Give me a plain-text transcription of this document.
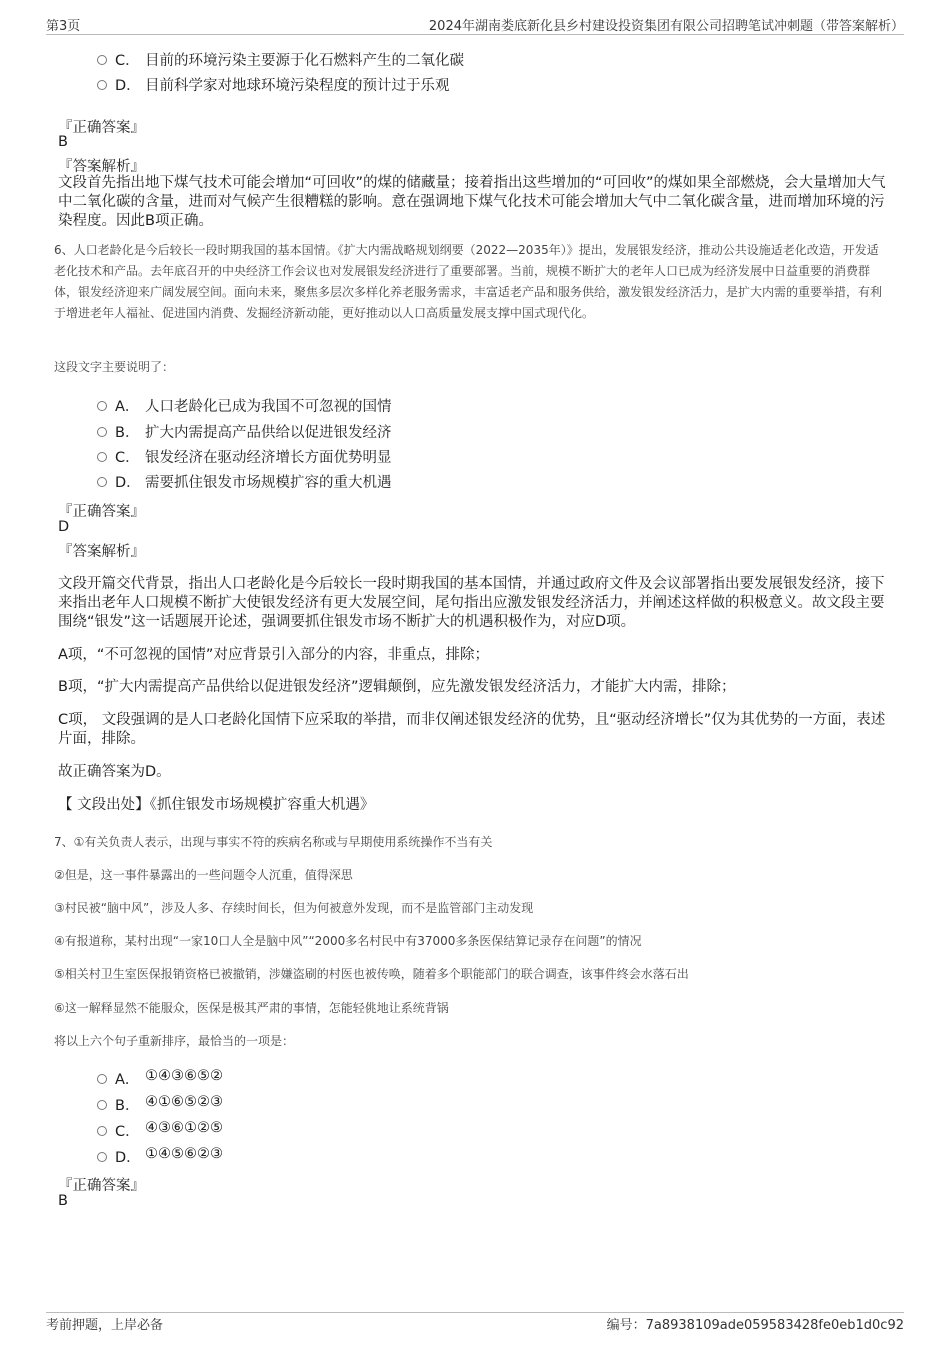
第3页	2024年湖南娄底新化县乡村建设投资集团有限公司招聘笔试冲刺题（带答案解析）
C． 目前的环境污染主要源于化石燃料产生的二氧化碳
D． 目前科学家对地球环境污染程度的预计过于乐观
『正确答案』
B
『答案解析』
文段首先指出地下煤气技术可能会增加“可回收”的煤的储藏量；接着指出这些增加的“可回收”的煤如果全部燃烧，会大量增加大气中二氧化碳的含量，进而对气候产生很糟糕的影响。意在强调地下煤气化技术可能会增加大气中二氧化碳含量，进而增加环境的污染程度。因此B项正确。
6、人口老龄化是今后较长一段时期我国的基本国情。《扩大内需战略规划纲要（2022—2035年）》提出，发展银发经济，推动公共设施适老化改造，开发适老化技术和产品。去年底召开的中央经济工作会议也对发展银发经济进行了重要部署。当前，规模不断扩大的老年人口已成为经济发展中日益重要的消费群体，银发经济迎来广阔发展空间。面向未来，聚焦多层次多样化养老服务需求，丰富适老产品和服务供给，激发银发经济活力，是扩大内需的重要举措，有利于增进老年人福祉、促进国内消费、发掘经济新动能，更好推动以人口高质量发展支撑中国式现代化。
这段文字主要说明了：
A． 人口老龄化已成为我国不可忽视的国情
B． 扩大内需提高产品供给以促进银发经济
C． 银发经济在驱动经济增长方面优势明显
D． 需要抓住银发市场规模扩容的重大机遇
『正确答案』
D
『答案解析』
文段开篇交代背景，指出人口老龄化是今后较长一段时期我国的基本国情，并通过政府文件及会议部署指出要发展银发经济，接下来指出老年人口规模不断扩大使银发经济有更大发展空间，尾句指出应激发银发经济活力，并阐述这样做的积极意义。故文段主要围绕“银发”这一话题展开论述，强调要抓住银发市场不断扩大的机遇积极作为，对应D项。
A项，“不可忽视的国情”对应背景引入部分的内容，非重点，排除；
B项，“扩大内需提高产品供给以促进银发经济”逻辑颠倒，应先激发银发经济活力，才能扩大内需，排除；
C项， 文段强调的是人口老龄化国情下应采取的举措，而非仅阐述银发经济的优势，且“驱动经济增长”仅为其优势的一方面，表述片面，排除。
故正确答案为D。
【 文段出处】《抓住银发市场规模扩容重大机遇》
7、①有关负责人表示，出现与事实不符的疾病名称或与早期使用系统操作不当有关
②但是，这一事件暴露出的一些问题令人沉重，值得深思
③村民被“脑中风”，涉及人多、存续时间长，但为何被意外发现，而不是监管部门主动发现
④有报道称，某村出现“一家10口人全是脑中风”“2000多名村民中有37000多条医保结算记录存在问题”的情况
⑤相关村卫生室医保报销资格已被撤销，涉嫌盗刷的村医也被传唤，随着多个职能部门的联合调查，该事件终会水落石出
⑥这一解释显然不能服众，医保是极其严肃的事情，怎能轻佻地让系统背锅
将以上六个句子重新排序，最恰当的一项是：
A． ①④③⑥⑤②
B． ④①⑥⑤②③
C． ④③⑥①②⑤
D． ①④⑤⑥②③
『正确答案』
B
考前押题，上岸必备	编号：7a8938109ade059583428fe0eb1d0c92
